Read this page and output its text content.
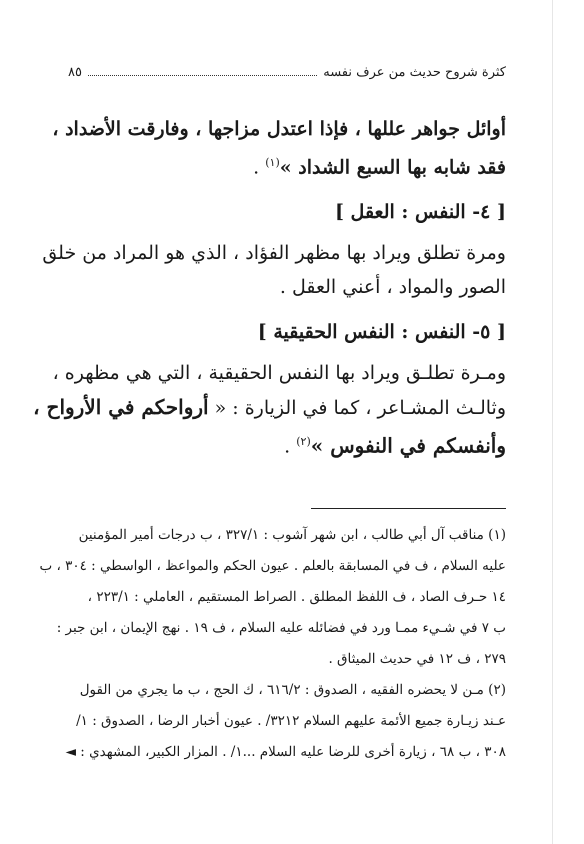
كثرة شروح حديث من عرف نفسه
٨٥
أوائل جواهر عللها ، فإذا اعتدل مزاجها ، وفارقت الأضداد ،
فقد شابه بها السبع الشداد »$^{(١)}$ .
[ ٤- النفس : العقل ]
ومرة تطلق ويراد بها مظهر الفؤاد ، الذي هو المراد من خلق
الصور والمواد ، أعني العقل .
[ ٥- النفس : النفس الحقيقية ]
ومـرة تطلـق ويراد بها النفس الحقيقية ، التي هي مظهره ،
وثالـث المشـاعر ، كما في الزيارة : « أرواحكم في الأرواح ،
وأنفسكم في النفوس »$^{(٢)}$ .
(١) مناقب آل أبي طالب ، ابن شهر آشوب : ٣٢٧/١ ، ب درجات أمير المؤمنين
عليه السلام ، ف في المسابقة بالعلم . عيون الحكم والمواعظ ، الواسطي : ٣٠٤ ، ب
١٤ حـرف الصاد ، ف اللفظ المطلق . الصراط المستقيم ، العاملي : ٢٢٣/١ ،
ب ٧ في شـيء ممـا ورد في فضائله عليه السلام ، ف ١٩ . نهج الإيمان ، ابن جبر :
٢٧٩ ، ف ١٢ في حديث الميثاق .
(٢) مـن لا يحضره الفقيه ، الصدوق : ٦١٦/٢ ، ك الحج ، ب ما يجري من القول
عـند زيـارة جميع الأئمة عليهم السلام ٣٢١٢/ . عيون أخبار الرضا ، الصدوق : ١/
٣٠٨ ، ب ٦٨ ، زيارة أخرى للرضا عليه السلام ...١/ . المزار الكبير، المشهدي : ◄
